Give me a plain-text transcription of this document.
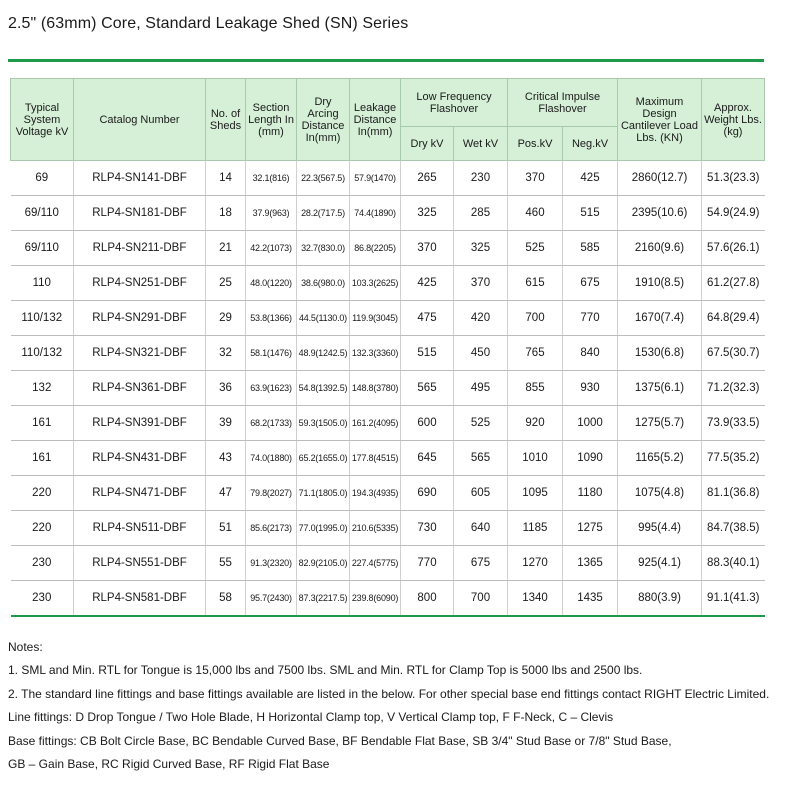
2.5" (63mm) Core, Standard Leakage Shed (SN) Series
Typical System Voltage kV	Catalog Number	No. of Sheds	Section Length In (mm)	Dry Arcing Distance In(mm)	Leakage Distance In(mm)	Low Frequency Flashover		Critical Impulse Flashover		Maximum Design Cantilever Load Lbs. (KN)	Approx. Weight Lbs.(kg)
						Dry kV	Wet kV	Pos.kV	Neg.kV		
69	RLP4-SN141-DBF	14	32.1(816)	22.3(567.5)	57.9(1470)	265	230	370	425	2860(12.7)	51.3(23.3)
69/110	RLP4-SN181-DBF	18	37.9(963)	28.2(717.5)	74.4(1890)	325	285	460	515	2395(10.6)	54.9(24.9)
69/110	RLP4-SN211-DBF	21	42.2(1073)	32.7(830.0)	86.8(2205)	370	325	525	585	2160(9.6)	57.6(26.1)
110	RLP4-SN251-DBF	25	48.0(1220)	38.6(980.0)	103.3(2625)	425	370	615	675	1910(8.5)	61.2(27.8)
110/132	RLP4-SN291-DBF	29	53.8(1366)	44.5(1130.0)	119.9(3045)	475	420	700	770	1670(7.4)	64.8(29.4)
110/132	RLP4-SN321-DBF	32	58.1(1476)	48.9(1242.5)	132.3(3360)	515	450	765	840	1530(6.8)	67.5(30.7)
132	RLP4-SN361-DBF	36	63.9(1623)	54.8(1392.5)	148.8(3780)	565	495	855	930	1375(6.1)	71.2(32.3)
161	RLP4-SN391-DBF	39	68.2(1733)	59.3(1505.0)	161.2(4095)	600	525	920	1000	1275(5.7)	73.9(33.5)
161	RLP4-SN431-DBF	43	74.0(1880)	65.2(1655.0)	177.8(4515)	645	565	1010	1090	1165(5.2)	77.5(35.2)
220	RLP4-SN471-DBF	47	79.8(2027)	71.1(1805.0)	194.3(4935)	690	605	1095	1180	1075(4.8)	81.1(36.8)
220	RLP4-SN511-DBF	51	85.6(2173)	77.0(1995.0)	210.6(5335)	730	640	1185	1275	995(4.4)	84.7(38.5)
230	RLP4-SN551-DBF	55	91.3(2320)	82.9(2105.0)	227.4(5775)	770	675	1270	1365	925(4.1)	88.3(40.1)
230	RLP4-SN581-DBF	58	95.7(2430)	87.3(2217.5)	239.8(6090)	800	700	1340	1435	880(3.9)	91.1(41.3)
Notes:
1. SML and Min. RTL for Tongue is 15,000 lbs and 7500 lbs. SML and Min. RTL for Clamp Top is 5000 lbs and 2500 lbs.
2. The standard line fittings and base fittings available are listed in the below. For other special base end fittings contact RIGHT Electric Limited.
Line fittings: D Drop Tongue / Two Hole Blade, H Horizontal Clamp top, V Vertical Clamp top, F F-Neck, C – Clevis
Base fittings: CB Bolt Circle Base, BC Bendable Curved Base, BF Bendable Flat Base, SB 3/4" Stud Base or 7/8" Stud Base,
GB – Gain Base, RC Rigid Curved Base, RF Rigid Flat Base
